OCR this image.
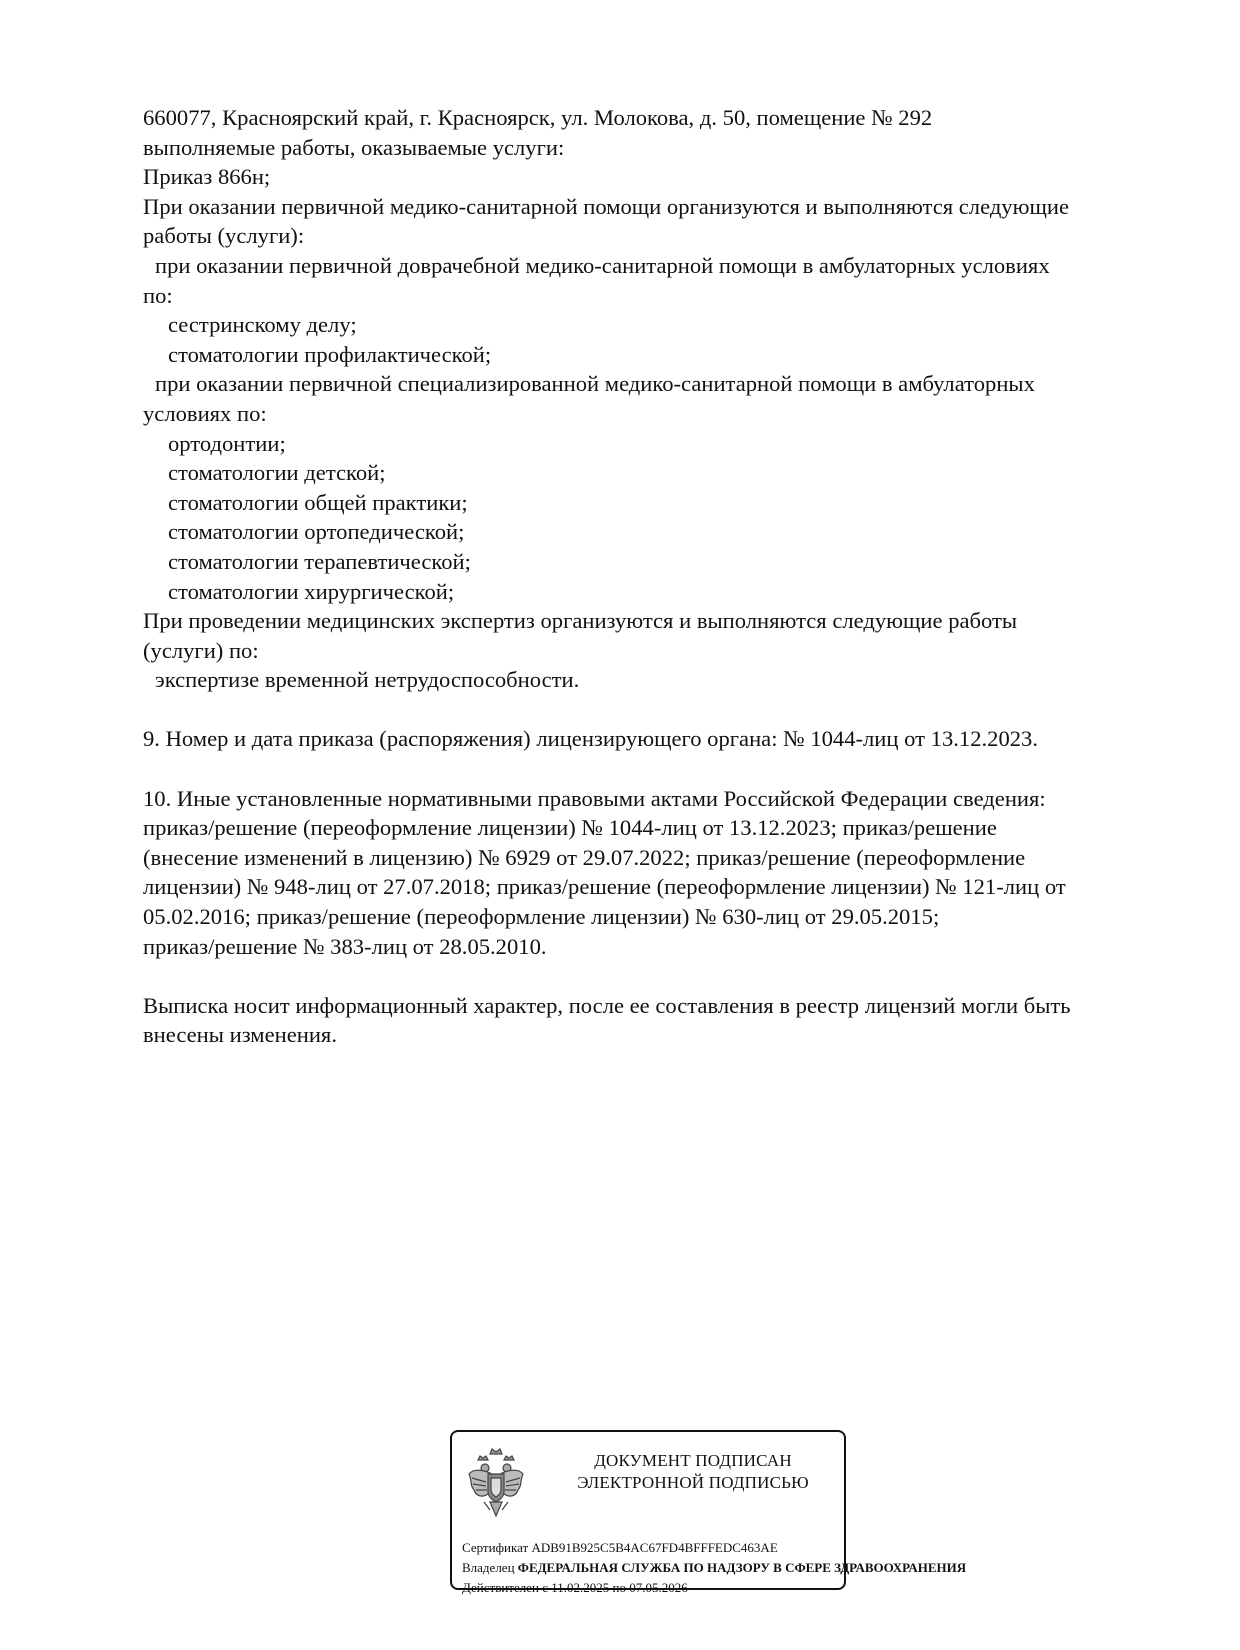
660077, Красноярский край, г. Красноярск, ул. Молокова, д. 50, помещение № 292
выполняемые работы, оказываемые услуги:
Приказ 866н;
При оказании первичной медико-санитарной помощи организуются и выполняются следующие
работы (услуги):
при оказании первичной доврачебной медико-санитарной помощи в амбулаторных условиях
по:
сестринскому делу;
стоматологии профилактической;
при оказании первичной специализированной медико-санитарной помощи в амбулаторных
условиях по:
ортодонтии;
стоматологии детской;
стоматологии общей практики;
стоматологии ортопедической;
стоматологии терапевтической;
стоматологии хирургической;
При проведении медицинских экспертиз организуются и выполняются следующие работы
(услуги) по:
экспертизе временной нетрудоспособности.
9. Номер и дата приказа (распоряжения) лицензирующего органа: № 1044-лиц от 13.12.2023.
10. Иные установленные нормативными правовыми актами Российской Федерации сведения:
приказ/решение (переоформление лицензии) № 1044-лиц от 13.12.2023; приказ/решение
(внесение изменений в лицензию) № 6929 от 29.07.2022; приказ/решение (переоформление
лицензии) № 948-лиц от 27.07.2018; приказ/решение (переоформление лицензии) № 121-лиц от
05.02.2016; приказ/решение (переоформление лицензии) № 630-лиц от 29.05.2015;
приказ/решение № 383-лиц от 28.05.2010.
Выписка носит информационный характер, после ее составления в реестр лицензий могли быть
внесены изменения.
ДОКУМЕНТ ПОДПИСАН
ЭЛЕКТРОННОЙ ПОДПИСЬЮ
Сертификат ADB91B925C5B4AC67FD4BFFFEDC463AE
Владелец ФЕДЕРАЛЬНАЯ СЛУЖБА ПО НАДЗОРУ В СФЕРЕ ЗДРАВООХРАНЕНИЯ
Действителен с 11.02.2025 по 07.05.2026
